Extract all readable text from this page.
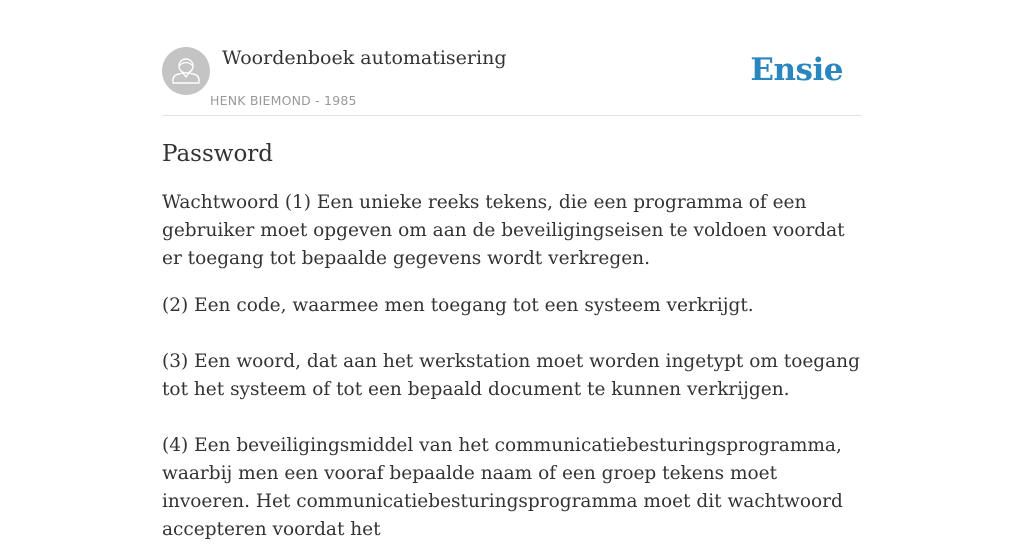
Woordenboek automatisering
HENK BIEMOND - 1985
Ensie
Password

Wachtwoord (1) Een unieke reeks tekens, die een programma of een gebruiker moet opgeven om aan de beveiligingseisen te voldoen voordat er toegang tot bepaalde gegevens wordt verkregen.

(2) Een code, waarmee men toegang tot een systeem verkrijgt.

(3) Een woord, dat aan het werkstation moet worden ingetypt om toegang tot het systeem of tot een bepaald document te kunnen verkrijgen.

(4) Een beveiligingsmiddel van het communicatiebesturingsprogramma, waarbij men een vooraf bepaalde naam of een groep tekens moet invoeren. Het communicatiebesturingsprogramma moet dit wachtwoord accepteren voordat het
